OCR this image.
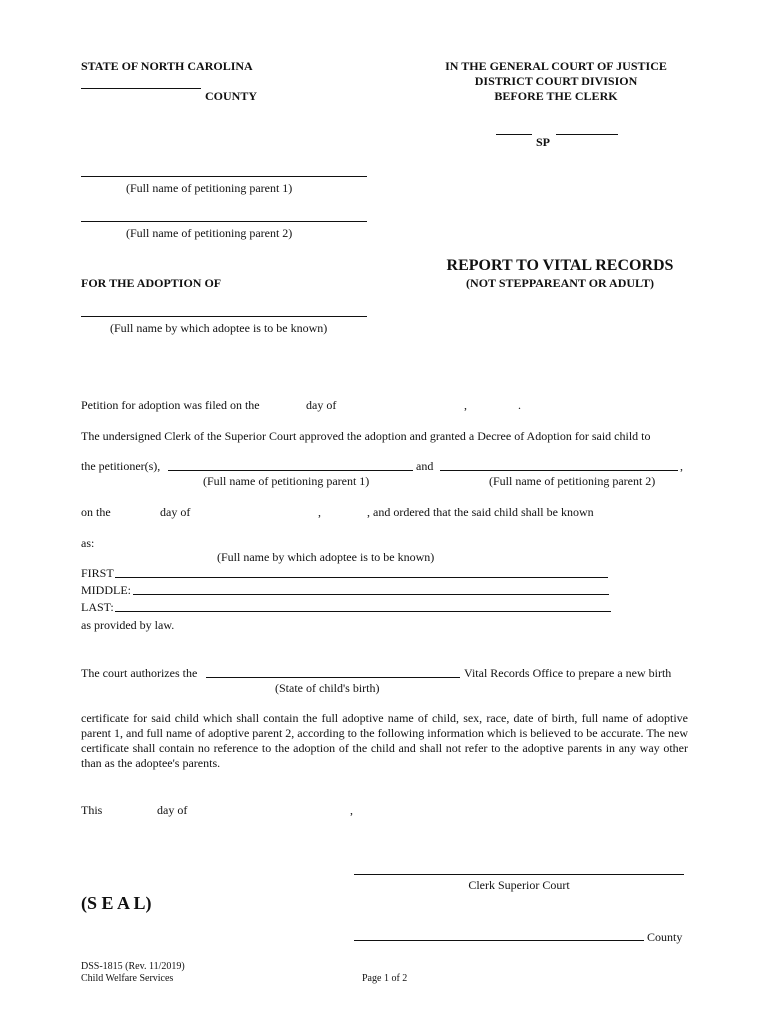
STATE OF NORTH CAROLINA
COUNTY
IN THE GENERAL COURT OF JUSTICE
DISTRICT COURT DIVISION
BEFORE THE CLERK
SP
(Full name of petitioning parent 1)
(Full name of petitioning parent 2)
FOR THE ADOPTION OF
(Full name by which adoptee is to be known)
REPORT TO VITAL RECORDS
(NOT STEPPAREANT OR ADULT)
Petition for adoption was filed on the	day of	,	.
The undersigned Clerk of the Superior Court approved the adoption and granted a Decree of Adoption for said child to
the petitioner(s),	and	,
(Full name of petitioning parent 1)	(Full name of petitioning parent 2)
on the	day of	,	, and ordered that the said child shall be known
as:
(Full name by which adoptee is to be known)
FIRST
MIDDLE:
LAST:
as provided by law.
The court authorizes the	Vital Records Office to prepare a new birth
(State of child's birth)
certificate for said child which shall contain the full adoptive name of child, sex, race, date of birth, full name of adoptive parent 1, and full name of adoptive parent 2, according to the following information which is believed to be accurate. The new certificate shall contain no reference to the adoption of the child and shall not refer to the adoptive parents in any way other than as the adoptee's parents.
This	day of	,
Clerk Superior Court
(S E A L)
County
DSS-1815 (Rev. 11/2019)
Child Welfare Services	Page 1 of 2
